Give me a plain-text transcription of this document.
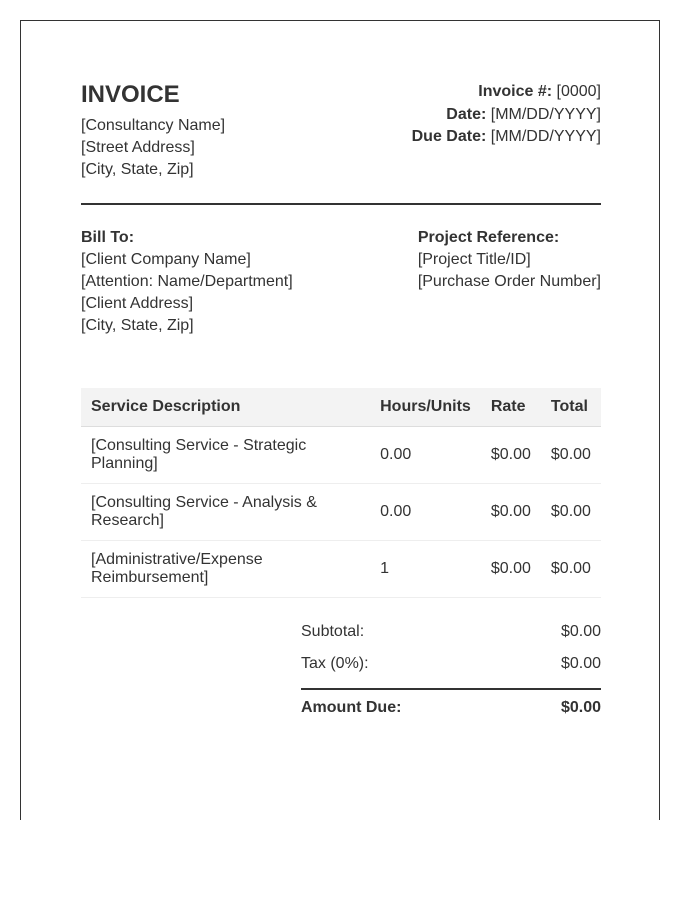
INVOICE
[Consultancy Name]
[Street Address]
[City, State, Zip]
Invoice #: [0000]
Date: [MM/DD/YYYY]
Due Date: [MM/DD/YYYY]
Bill To:
[Client Company Name]
[Attention: Name/Department]
[Client Address]
[City, State, Zip]
Project Reference:
[Project Title/ID]
[Purchase Order Number]
Service Description	Hours/Units	Rate	Total
[Consulting Service - Strategic Planning]	0.00	$0.00	$0.00
[Consulting Service - Analysis & Research]	0.00	$0.00	$0.00
[Administrative/Expense Reimbursement]	1	$0.00	$0.00
Subtotal:	$0.00
Tax (0%):	$0.00
Amount Due:	$0.00
